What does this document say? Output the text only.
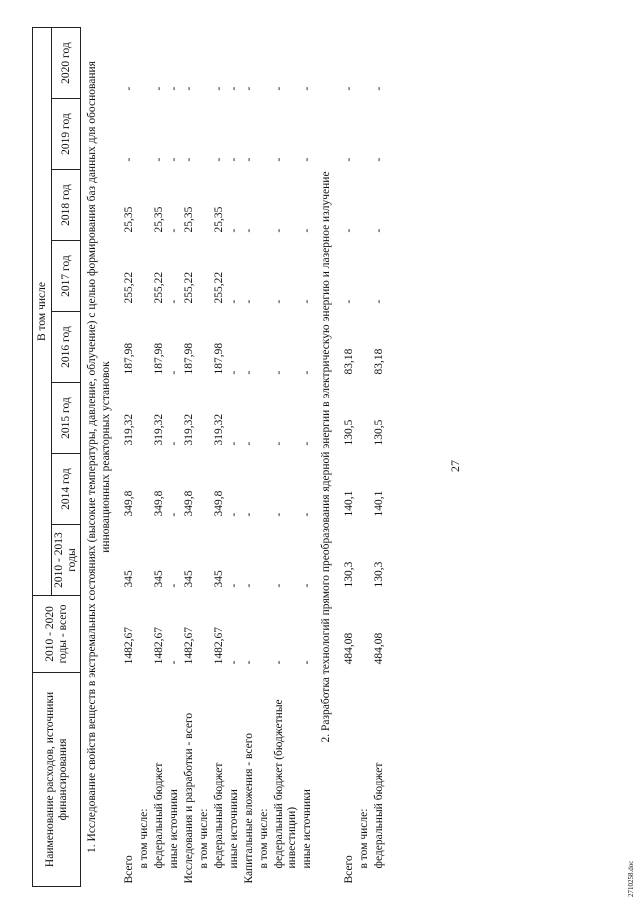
27
Наименование расходов, источники финансирования	2010 - 2020 годы - всего	В том числе							
		2010 - 2013 годы	2014 год	2015 год	2016 год	2017 год	2018 год	2019 год	2020 год
1. Исследование свойств веществ в экстремальных состояниях (высокие температуры, давление, облучение) с целью формирования баз данных для обоснования инновационных реакторных установок									
Всего	1482,67	345	349,8	319,32	187,98	255,22	25,35	-	-
в том числе:									
федеральный бюджет	1482,67	345	349,8	319,32	187,98	255,22	25,35	-	-
иные источники	-	-	-	-	-	-	-	-	-
Исследования и разработки - всего	1482,67	345	349,8	319,32	187,98	255,22	25,35	-	-
в том числе:									
федеральный бюджет	1482,67	345	349,8	319,32	187,98	255,22	25,35	-	-
иные источники	-	-	-	-	-	-	-	-	-
Капитальные вложения - всего	-	-	-	-	-	-	-	-	-
в том числе:									
федеральный бюджет (бюджетные инвестиции)	-	-	-	-	-	-	-	-	-
иные источники	-	-	-	-	-	-	-	-	-
2. Разработка технологий прямого преобразования ядерной энергии в электрическую энергию и лазерное излучение									
Всего	484,08	130,3	140,1	130,5	83,18	-	-	-	-
в том числе:									
федеральный бюджет	484,08	130,3	140,1	130,5	83,18	-	-	-	-
2710258.doc
